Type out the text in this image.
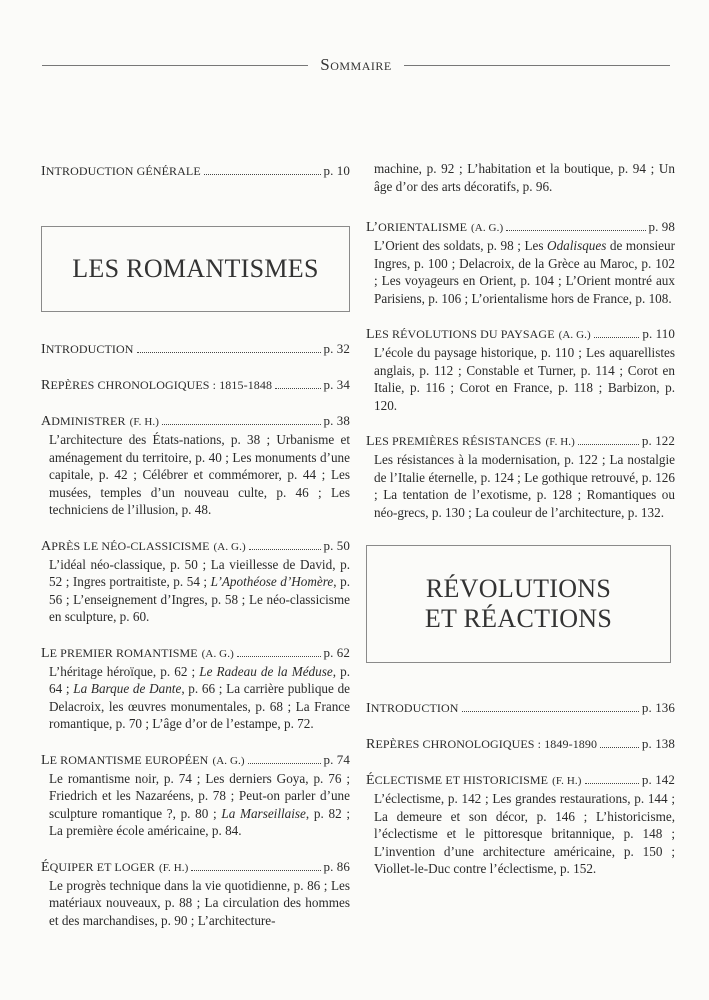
Sommaire
INTRODUCTION GÉNÉRALE	p. 10
LES ROMANTISMES
INTRODUCTION	p. 32
REPÈRES CHRONOLOGIQUES : 1815-1848	p. 34
ADMINISTRER (F. H.)	p. 38
L’architecture des États-nations, p. 38 ; Urbanisme et aménagement du territoire, p. 40 ; Les monuments d’une capitale, p. 42 ; Célébrer et commémorer, p. 44 ; Les musées, temples d’un nouveau culte, p. 46 ; Les techniciens de l’illusion, p. 48.
APRÈS LE NÉO-CLASSICISME (A. G.)	p. 50
L’idéal néo-classique, p. 50 ; La vieillesse de David, p. 52 ; Ingres portraitiste, p. 54 ; L’Apothéose d’Homère, p. 56 ; L’enseignement d’Ingres, p. 58 ; Le néo-classicisme en sculpture, p. 60.
LE PREMIER ROMANTISME (A. G.)	p. 62
L’héritage héroïque, p. 62 ; Le Radeau de la Méduse, p. 64 ; La Barque de Dante, p. 66 ; La carrière publique de Delacroix, les œuvres monumentales, p. 68 ; La France romantique, p. 70 ; L’âge d’or de l’estampe, p. 72.
LE ROMANTISME EUROPÉEN (A. G.)	p. 74
Le romantisme noir, p. 74 ; Les derniers Goya, p. 76 ; Friedrich et les Nazaréens, p. 78 ; Peut-on parler d’une sculpture romantique ?, p. 80 ; La Marseillaise, p. 82 ; La première école américaine, p. 84.
ÉQUIPER ET LOGER (F. H.)	p. 86
Le progrès technique dans la vie quotidienne, p. 86 ; Les matériaux nouveaux, p. 88 ; La circulation des hommes et des marchandises, p. 90 ; L’architecture-
machine, p. 92 ; L’habitation et la boutique, p. 94 ; Un âge d’or des arts décoratifs, p. 96.
L’ORIENTALISME (A. G.)	p. 98
L’Orient des soldats, p. 98 ; Les Odalisques de monsieur Ingres, p. 100 ; Delacroix, de la Grèce au Maroc, p. 102 ; Les voyageurs en Orient, p. 104 ; L’Orient montré aux Parisiens, p. 106 ; L’orientalisme hors de France, p. 108.
LES RÉVOLUTIONS DU PAYSAGE (A. G.)	p. 110
L’école du paysage historique, p. 110 ; Les aquarellistes anglais, p. 112 ; Constable et Turner, p. 114 ; Corot en Italie, p. 116 ; Corot en France, p. 118 ; Barbizon, p. 120.
LES PREMIÈRES RÉSISTANCES (F. H.)	p. 122
Les résistances à la modernisation, p. 122 ; La nostalgie de l’Italie éternelle, p. 124 ; Le gothique retrouvé, p. 126 ; La tentation de l’exotisme, p. 128 ; Romantiques ou néo-grecs, p. 130 ; La couleur de l’architecture, p. 132.
RÉVOLUTIONS
ET RÉACTIONS
INTRODUCTION	p. 136
REPÈRES CHRONOLOGIQUES : 1849-1890	p. 138
ÉCLECTISME ET HISTORICISME (F. H.)	p. 142
L’éclectisme, p. 142 ; Les grandes restaurations, p. 144 ; La demeure et son décor, p. 146 ; L’historicisme, l’éclectisme et le pittoresque britannique, p. 148 ; L’invention d’une architecture américaine, p. 150 ; Viollet-le-Duc contre l’éclectisme, p. 152.
